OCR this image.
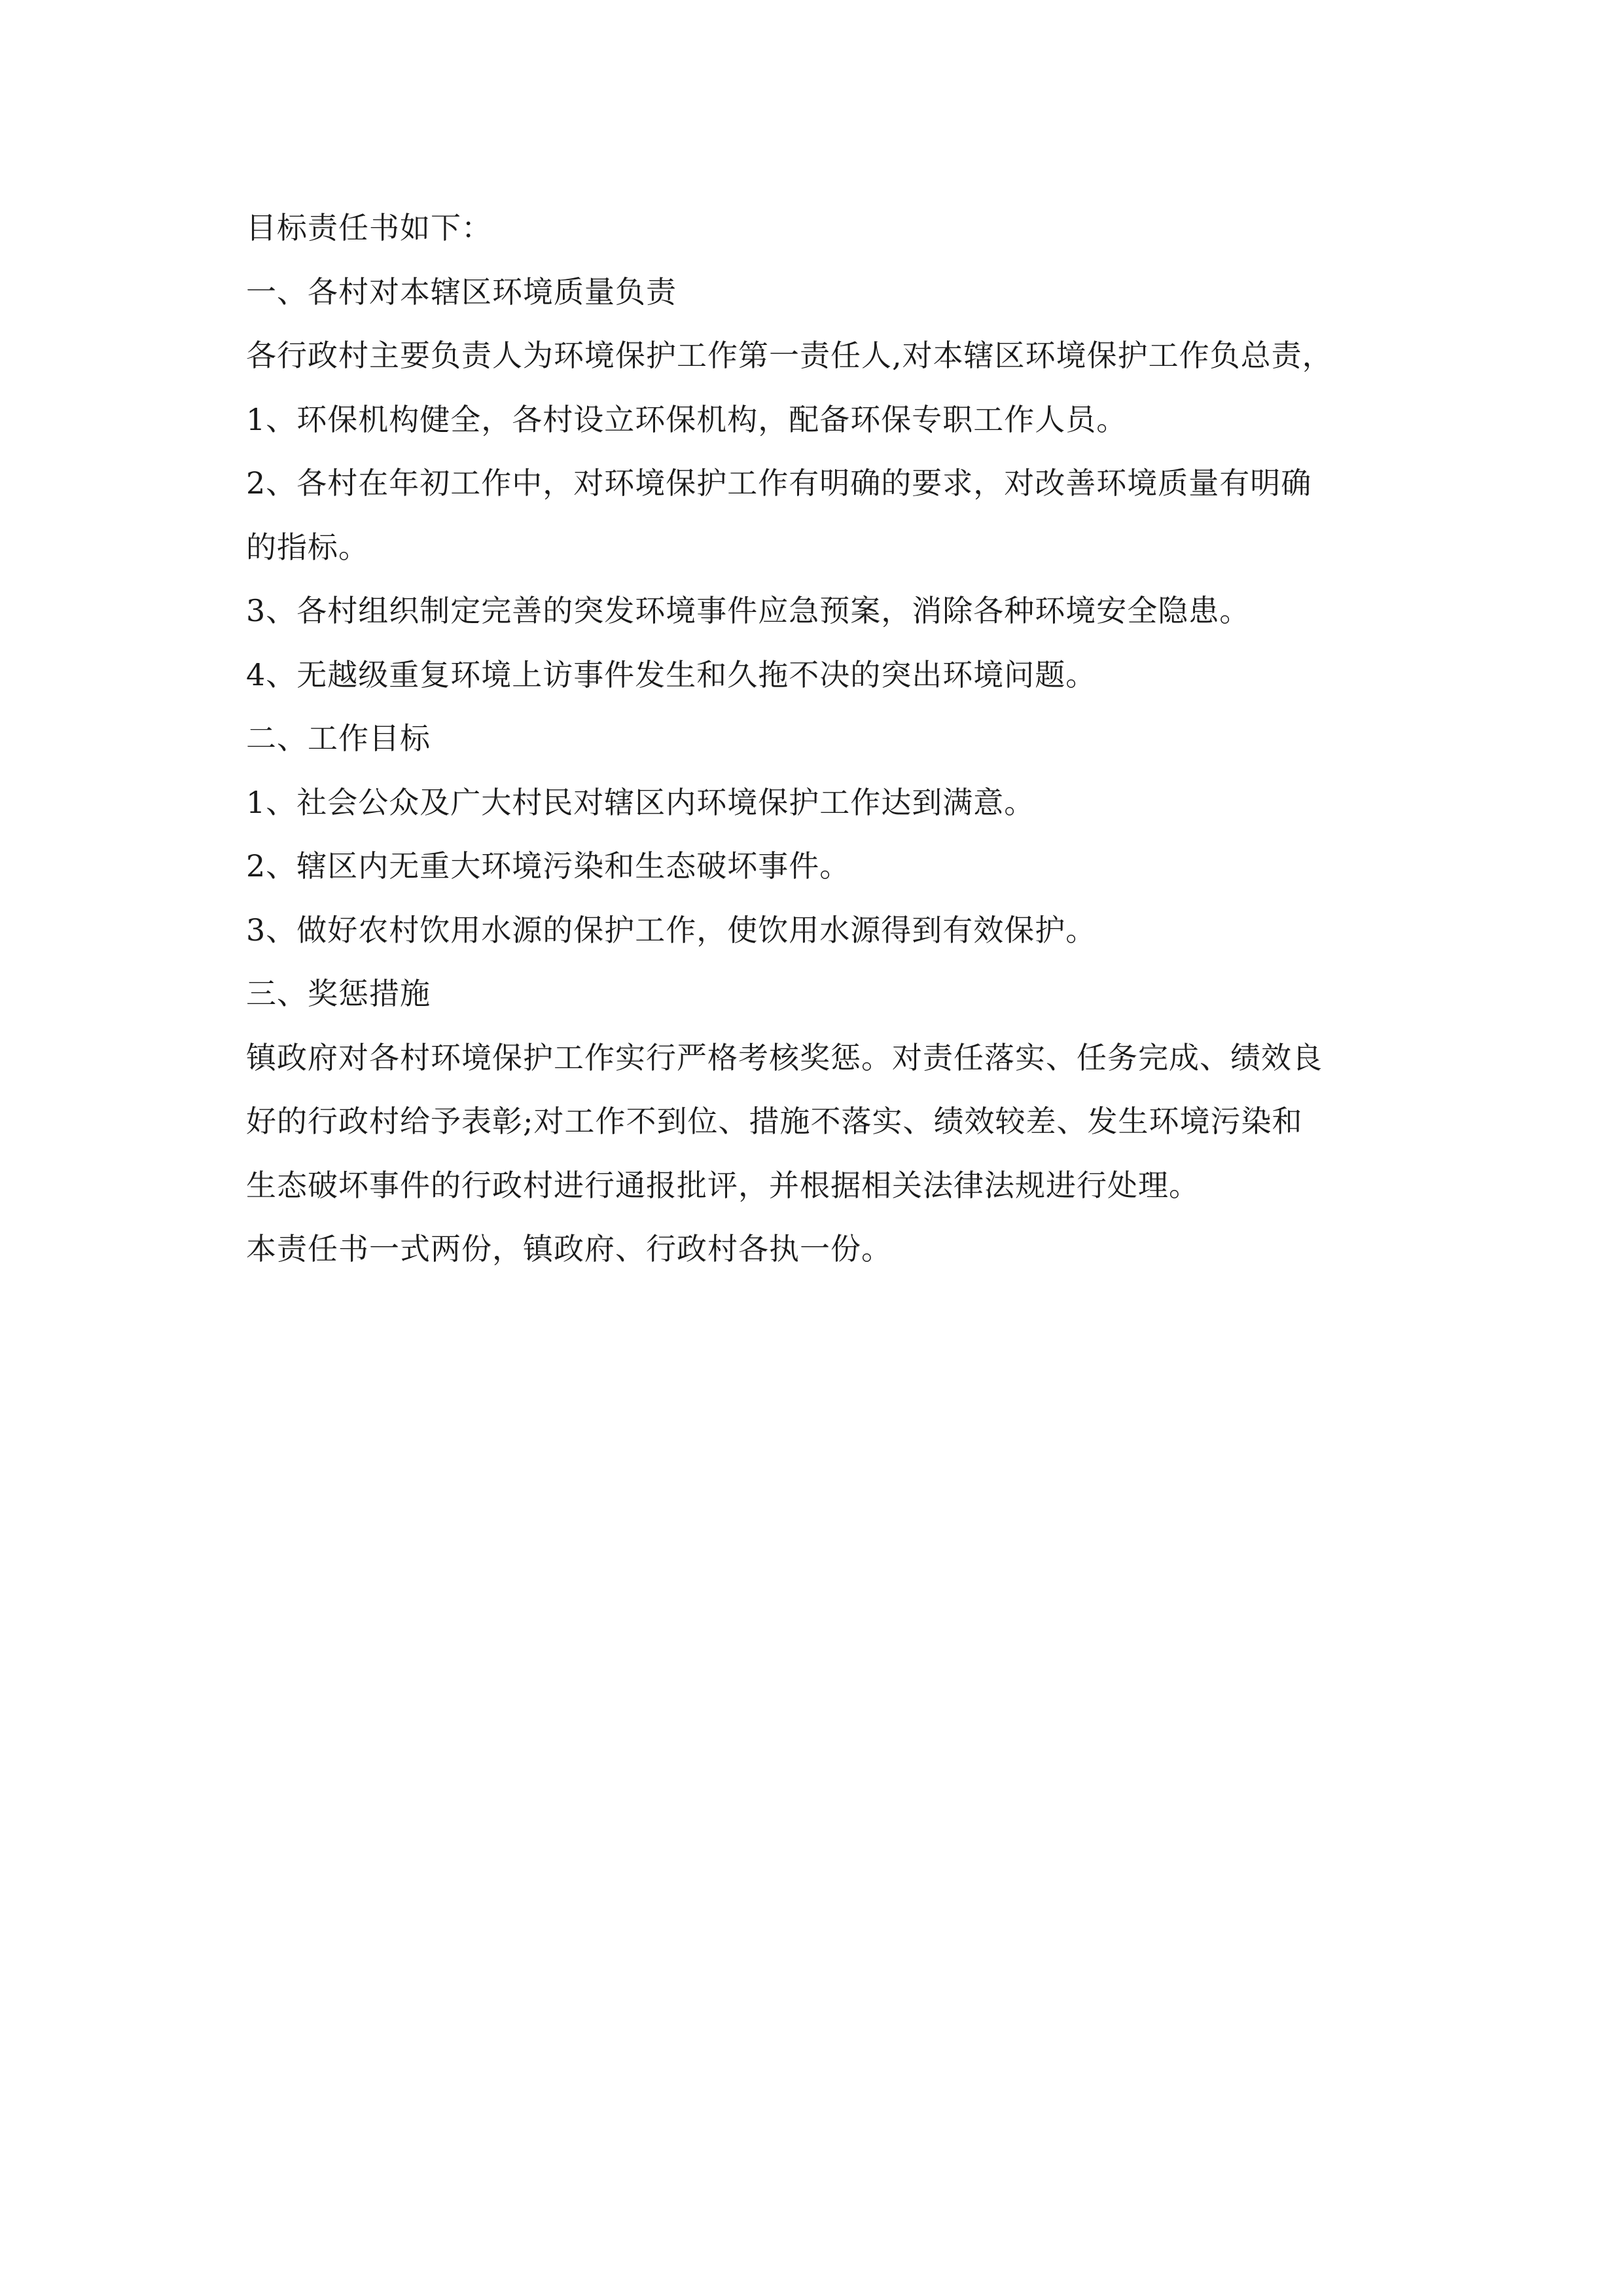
目标责任书如下：
一、各村对本辖区环境质量负责
各行政村主要负责人为环境保护工作第一责任人,对本辖区环境保护工作负总责，
1、环保机构健全，各村设立环保机构，配备环保专职工作人员。
2、各村在年初工作中，对环境保护工作有明确的要求，对改善环境质量有明确
的指标。
3、各村组织制定完善的突发环境事件应急预案，消除各种环境安全隐患。
4、无越级重复环境上访事件发生和久拖不决的突出环境问题。
二、工作目标
1、社会公众及广大村民对辖区内环境保护工作达到满意。
2、辖区内无重大环境污染和生态破坏事件。
3、做好农村饮用水源的保护工作，使饮用水源得到有效保护。
三、奖惩措施
镇政府对各村环境保护工作实行严格考核奖惩。对责任落实、任务完成、绩效良
好的行政村给予表彰;对工作不到位、措施不落实、绩效较差、发生环境污染和
生态破坏事件的行政村进行通报批评，并根据相关法律法规进行处理。
本责任书一式两份，镇政府、行政村各执一份。
